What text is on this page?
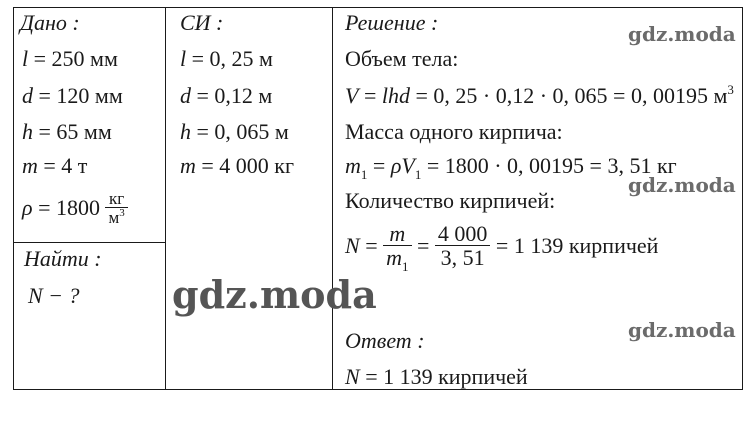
Дано :
l = 250 мм
d = 120 мм
h = 65 мм
m = 4 т
$\rho = 1800 \frac{кг}{м^3}$
Найти :
N − ?
СИ :
l = 0, 25 м
d = 0,12 м
h = 0, 065 м
m = 4 000 кг
Решение :
Объем тела:
V = lhd = 0, 25 · 0,12 · 0, 065 = 0, 00195 $м^3$
Масса одного кирпича:
$m_1 = \rho V_1 = 1800 \cdot 0$, 00195 = 3, 51 кг
Количество кирпичей:
$N = \frac{m}{m_1} = \frac{4 000}{3, 51} = 1$ 139 кирпичей
Ответ :
N = 1 139 кирпичей
gdz.moda
gdz.moda
gdz.moda
gdz.moda
